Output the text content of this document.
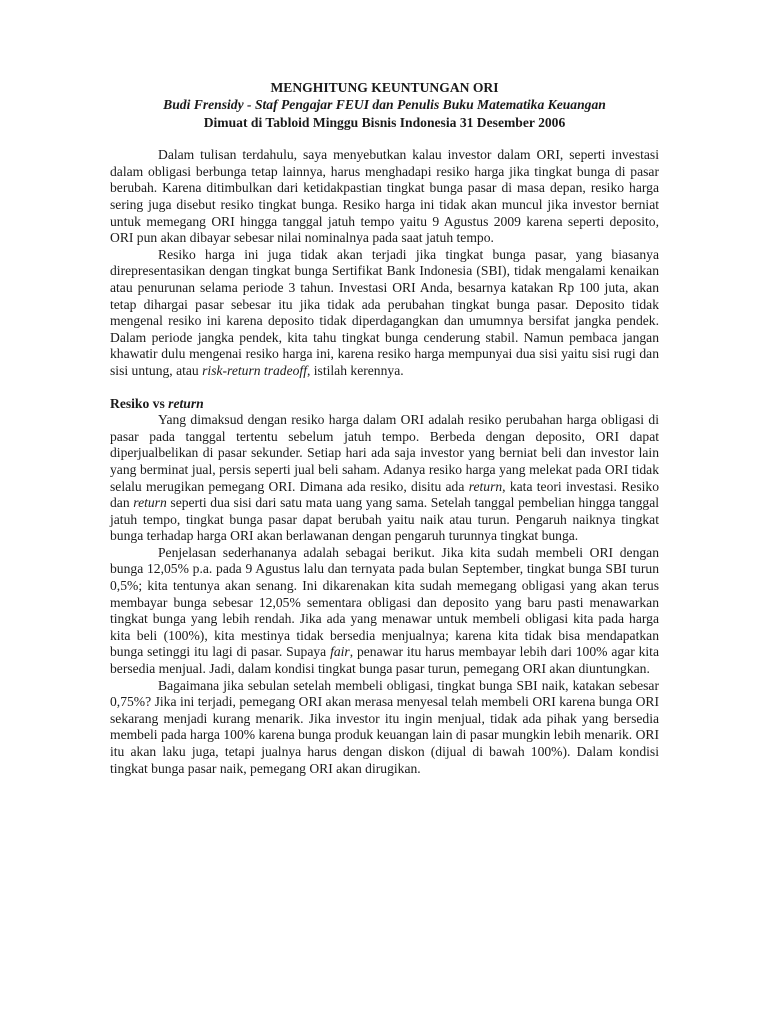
MENGHITUNG KEUNTUNGAN ORI
Budi Frensidy - Staf Pengajar FEUI dan Penulis Buku Matematika Keuangan
Dimuat di Tabloid Minggu Bisnis Indonesia 31 Desember 2006

Dalam tulisan terdahulu, saya menyebutkan kalau investor dalam ORI, seperti investasi dalam obligasi berbunga tetap lainnya, harus menghadapi resiko harga jika tingkat bunga di pasar berubah. Karena ditimbulkan dari ketidakpastian tingkat bunga pasar di masa depan, resiko harga sering juga disebut resiko tingkat bunga. Resiko harga ini tidak akan muncul jika investor berniat untuk memegang ORI hingga tanggal jatuh tempo yaitu 9 Agustus 2009 karena seperti deposito, ORI pun akan dibayar sebesar nilai nominalnya pada saat jatuh tempo.

Resiko harga ini juga tidak akan terjadi jika tingkat bunga pasar, yang biasanya direpresentasikan dengan tingkat bunga Sertifikat Bank Indonesia (SBI), tidak mengalami kenaikan atau penurunan selama periode 3 tahun. Investasi ORI Anda, besarnya katakan Rp 100 juta, akan tetap dihargai pasar sebesar itu jika tidak ada perubahan tingkat bunga pasar. Deposito tidak mengenal resiko ini karena deposito tidak diperdagangkan dan umumnya bersifat jangka pendek. Dalam periode jangka pendek, kita tahu tingkat bunga cenderung stabil. Namun pembaca jangan khawatir dulu mengenai resiko harga ini, karena resiko harga mempunyai dua sisi yaitu sisi rugi dan sisi untung, atau risk-return tradeoff, istilah kerennya.

Resiko vs return

Yang dimaksud dengan resiko harga dalam ORI adalah resiko perubahan harga obligasi di pasar pada tanggal tertentu sebelum jatuh tempo. Berbeda dengan deposito, ORI dapat diperjualbelikan di pasar sekunder. Setiap hari ada saja investor yang berniat beli dan investor lain yang berminat jual, persis seperti jual beli saham. Adanya resiko harga yang melekat pada ORI tidak selalu merugikan pemegang ORI. Dimana ada resiko, disitu ada return, kata teori investasi. Resiko dan return seperti dua sisi dari satu mata uang yang sama. Setelah tanggal pembelian hingga tanggal jatuh tempo, tingkat bunga pasar dapat berubah yaitu naik atau turun. Pengaruh naiknya tingkat bunga terhadap harga ORI akan berlawanan dengan pengaruh turunnya tingkat bunga.

Penjelasan sederhananya adalah sebagai berikut. Jika kita sudah membeli ORI dengan bunga 12,05% p.a. pada 9 Agustus lalu dan ternyata pada bulan September, tingkat bunga SBI turun 0,5%; kita tentunya akan senang. Ini dikarenakan kita sudah memegang obligasi yang akan terus membayar bunga sebesar 12,05% sementara obligasi dan deposito yang baru pasti menawarkan tingkat bunga yang lebih rendah. Jika ada yang menawar untuk membeli obligasi kita pada harga kita beli (100%), kita mestinya tidak bersedia menjualnya; karena kita tidak bisa mendapatkan bunga setinggi itu lagi di pasar. Supaya fair, penawar itu harus membayar lebih dari 100% agar kita bersedia menjual. Jadi, dalam kondisi tingkat bunga pasar turun, pemegang ORI akan diuntungkan.

Bagaimana jika sebulan setelah membeli obligasi, tingkat bunga SBI naik, katakan sebesar 0,75%? Jika ini terjadi, pemegang ORI akan merasa menyesal telah membeli ORI karena bunga ORI sekarang menjadi kurang menarik. Jika investor itu ingin menjual, tidak ada pihak yang bersedia membeli pada harga 100% karena bunga produk keuangan lain di pasar mungkin lebih menarik. ORI itu akan laku juga, tetapi jualnya harus dengan diskon (dijual di bawah 100%). Dalam kondisi tingkat bunga pasar naik, pemegang ORI akan dirugikan.
